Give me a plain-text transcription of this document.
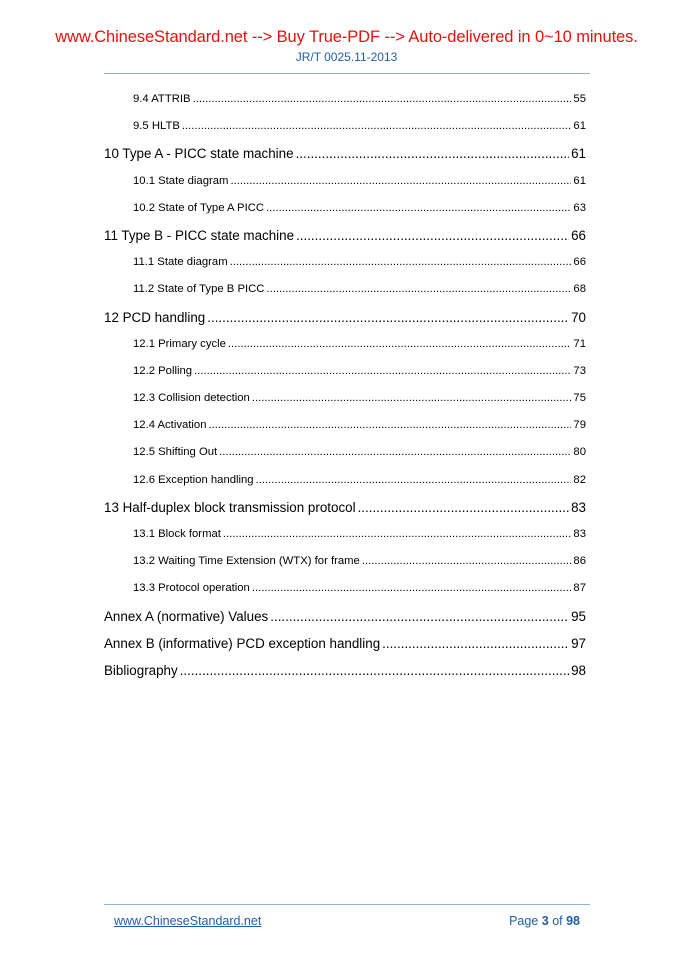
www.ChineseStandard.net --> Buy True-PDF --> Auto-delivered in 0~10 minutes.
JR/T 0025.11-2013
9.4 ATTRIB .....	55
9.5 HLTB .....	61
10 Type A - PICC state machine .....	61
10.1 State diagram .....	61
10.2 State of Type A PICC .....	63
11 Type B - PICC state machine .....	66
11.1 State diagram .....	66
11.2 State of Type B PICC .....	68
12 PCD handling .....	70
12.1 Primary cycle .....	71
12.2 Polling .....	73
12.3 Collision detection .....	75
12.4 Activation .....	79
12.5 Shifting Out .....	80
12.6 Exception handling .....	82
13 Half-duplex block transmission protocol .....	83
13.1 Block format .....	83
13.2 Waiting Time Extension (WTX) for frame .....	86
13.3 Protocol operation .....	87
Annex A (normative) Values .....	95
Annex B (informative) PCD exception handling .....	97
Bibliography .....	98
www.ChineseStandard.net	Page 3 of 98
